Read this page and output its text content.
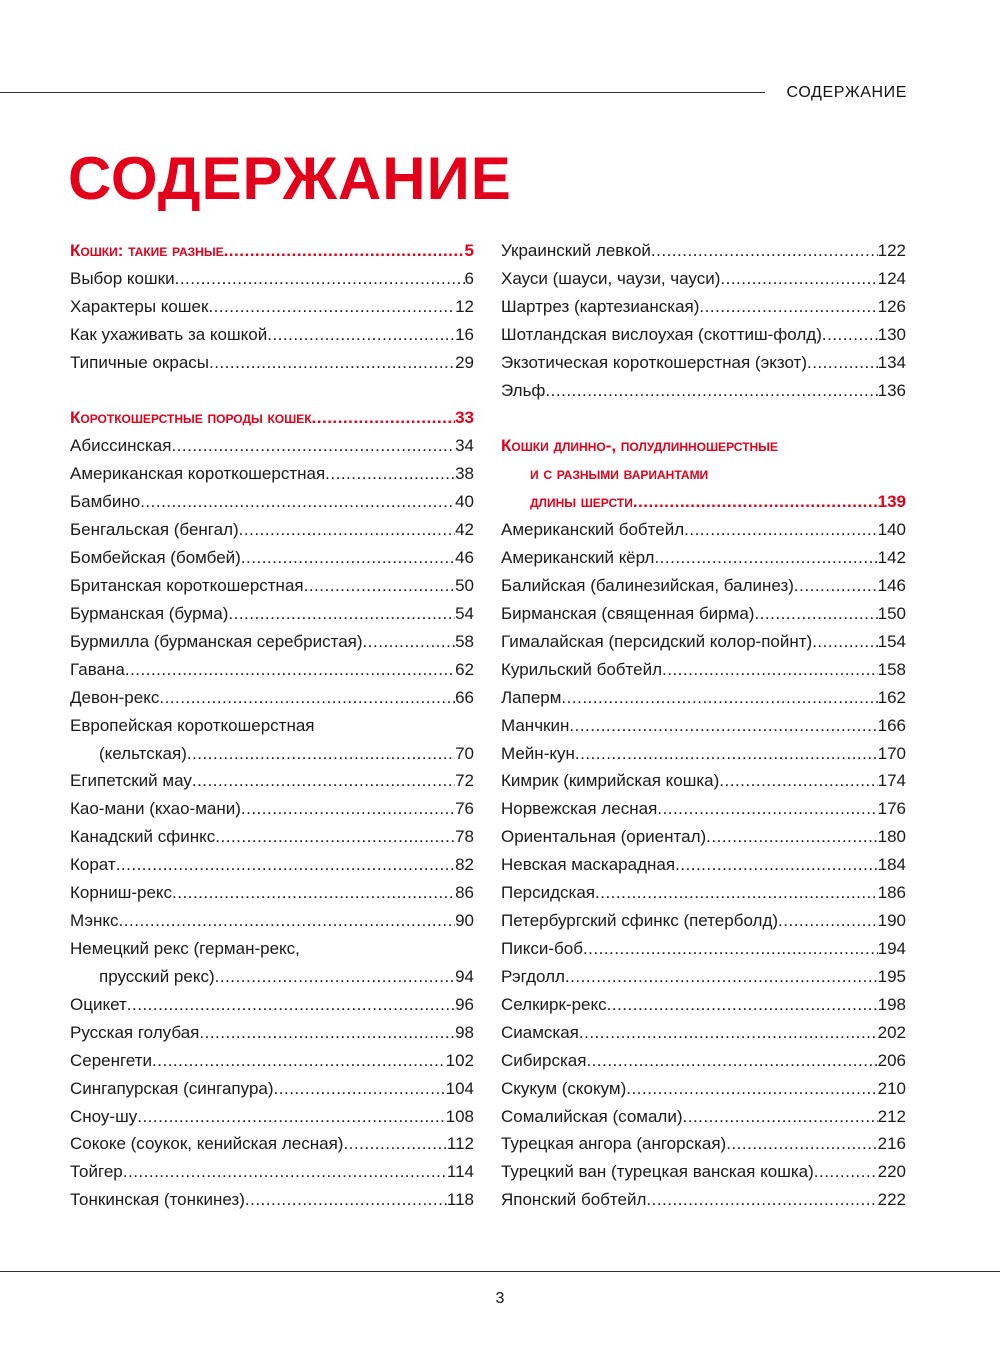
СОДЕРЖАНИЕ
СОДЕРЖАНИЕ
Кошки: такие разные .....	5
Выбор кошки .....	6
Характеры кошек .....	12
Как ухаживать за кошкой .....	16
Типичные окрасы .....	29
Короткошерстные породы кошек .....	33
Абиссинская .....	34
Американская короткошерстная .....	38
Бамбино .....	40
Бенгальская (бенгал) .....	42
Бомбейская (бомбей) .....	46
Британская короткошерстная .....	50
Бурманская (бурма) .....	54
Бурмилла (бурманская серебристая) .....	58
Гавана .....	62
Девон-рекс .....	66
Европейская короткошерстная
(кельтская) .....	70
Египетский мау .....	72
Као-мани (кхао-мани) .....	76
Канадский сфинкс .....	78
Корат .....	82
Корниш-рекс .....	86
Мэнкс .....	90
Немецкий рекс (герман-рекс,
прусский рекс) .....	94
Оцикет .....	96
Русская голубая .....	98
Серенгети .....	102
Сингапурская (сингапура) .....	104
Сноу-шу .....	108
Сококе (соукок, кенийская лесная) .....	112
Тойгер .....	114
Тонкинская (тонкинез) .....	118
Украинский левкой .....	122
Хауси (шауси, чаузи, чауси) .....	124
Шартрез (картезианская) .....	126
Шотландская вислоухая (скоттиш-фолд) .....	130
Экзотическая короткошерстная (экзот) .....	134
Эльф .....	136
Кошки длинно-, полудлинношерстные
и с разными вариантами
длины шерсти .....	139
Американский бобтейл .....	140
Американский кёрл .....	142
Балийская (балинезийская, балинез) .....	146
Бирманская (священная бирма) .....	150
Гималайская (персидский колор-пойнт) .....	154
Курильский бобтейл .....	158
Лаперм .....	162
Манчкин .....	166
Мейн-кун .....	170
Кимрик (кимрийская кошка) .....	174
Норвежская лесная .....	176
Ориентальная (ориентал) .....	180
Невская маскарадная .....	184
Персидская .....	186
Петербургский сфинкс (петерболд) .....	190
Пикси-боб .....	194
Рэгдолл .....	195
Селкирк-рекс .....	198
Сиамская .....	202
Сибирская .....	206
Скукум (скокум) .....	210
Сомалийская (сомали) .....	212
Турецкая ангора (ангорская) .....	216
Турецкий ван (турецкая ванская кошка) .....	220
Японский бобтейл .....	222
3
